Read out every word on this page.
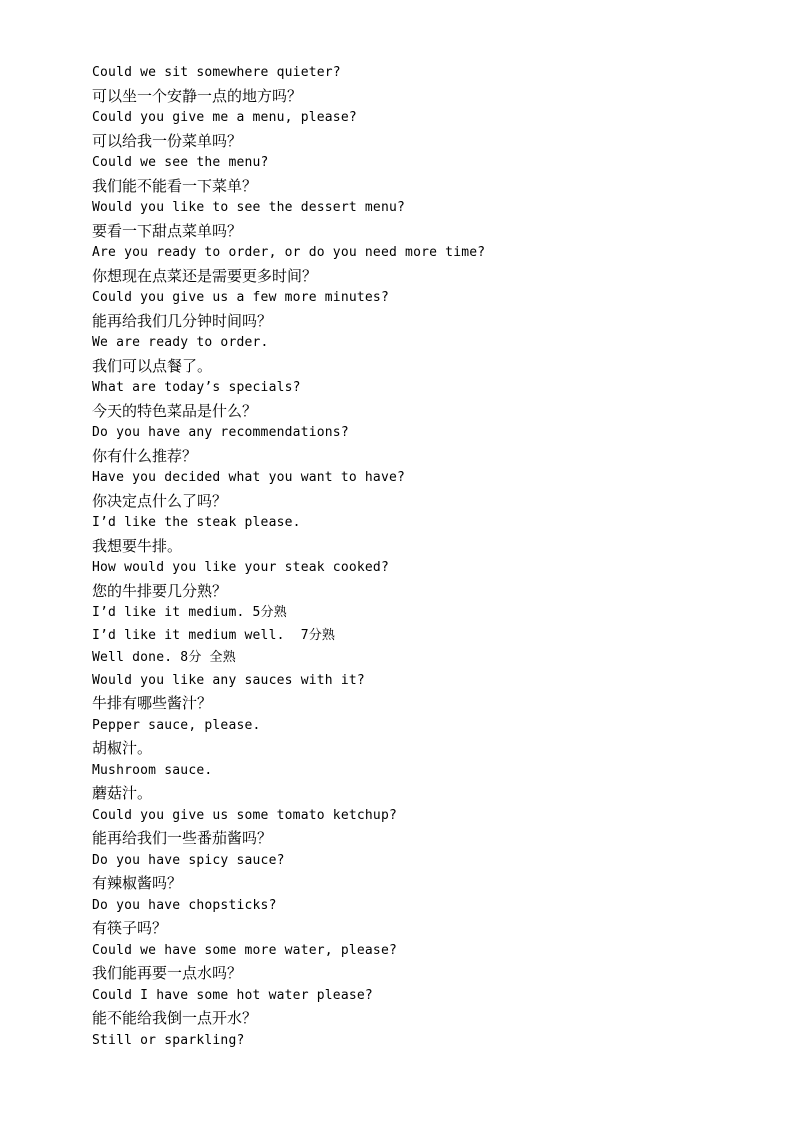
Could we sit somewhere quieter?
可以坐一个安静一点的地方吗？
Could you give me a menu, please?
可以给我一份菜单吗？
Could we see the menu?
我们能不能看一下菜单？
Would you like to see the dessert menu?
要看一下甜点菜单吗？
Are you ready to order, or do you need more time?
你想现在点菜还是需要更多时间？
Could you give us a few more minutes?
能再给我们几分钟时间吗？
We are ready to order.
我们可以点餐了。
What are today’s specials?
今天的特色菜品是什么？
Do you have any recommendations?
你有什么推荐？
Have you decided what you want to have?
你决定点什么了吗？
I’d like the steak please.
我想要牛排。
How would you like your steak cooked?
您的牛排要几分熟？
I’d like it medium. 5分熟
I’d like it medium well.  7分熟
Well done. 8分 全熟
Would you like any sauces with it?
牛排有哪些酱汁？
Pepper sauce, please.
胡椒汁。
Mushroom sauce.
蘑菇汁。
Could you give us some tomato ketchup?
能再给我们一些番茄酱吗？
Do you have spicy sauce?
有辣椒酱吗？
Do you have chopsticks?
有筷子吗？
Could we have some more water, please?
我们能再要一点水吗？
Could I have some hot water please?
能不能给我倒一点开水？
Still or sparkling?
